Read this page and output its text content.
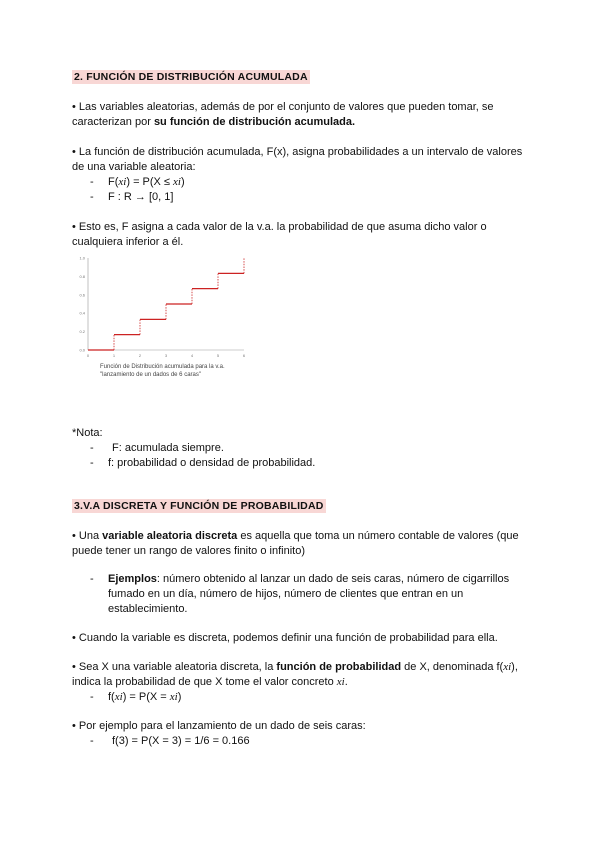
2. FUNCIÓN DE DISTRIBUCIÓN ACUMULADA
• Las variables aleatorias, además de por el conjunto de valores que pueden tomar, se
caracterizan por su función de distribución acumulada.
• La función de distribución acumulada, F(x), asigna probabilidades a un intervalo de valores
de una variable aleatoria:
- F(xi) = P(X ≤ xi)
- F : R → [0, 1]
• Esto es, F asigna a cada valor de la v.a. la probabilidad de que asuma dicho valor o
cualquiera inferior a él.
0.0
0.2
0.4
0.6
0.8
1.0
0	1	2	3	4	5	6
Función de Distribución acumulada para la v.a.
"lanzamiento de un dados de 6 caras"
*Nota:
- F: acumulada siempre.
- f: probabilidad o densidad de probabilidad.
3.V.A DISCRETA Y FUNCIÓN DE PROBABILIDAD
• Una variable aleatoria discreta es aquella que toma un número contable de valores (que
puede tener un rango de valores finito o infinito)
- Ejemplos: número obtenido al lanzar un dado de seis caras, número de cigarrillos
fumado en un día, número de hijos, número de clientes que entran en un
establecimiento.
• Cuando la variable es discreta, podemos definir una función de probabilidad para ella.
• Sea X una variable aleatoria discreta, la función de probabilidad de X, denominada f(xi),
indica la probabilidad de que X tome el valor concreto xi.
- f(xi) = P(X = xi)
• Por ejemplo para el lanzamiento de un dado de seis caras:
- f(3) = P(X = 3) = 1/6 = 0.166
